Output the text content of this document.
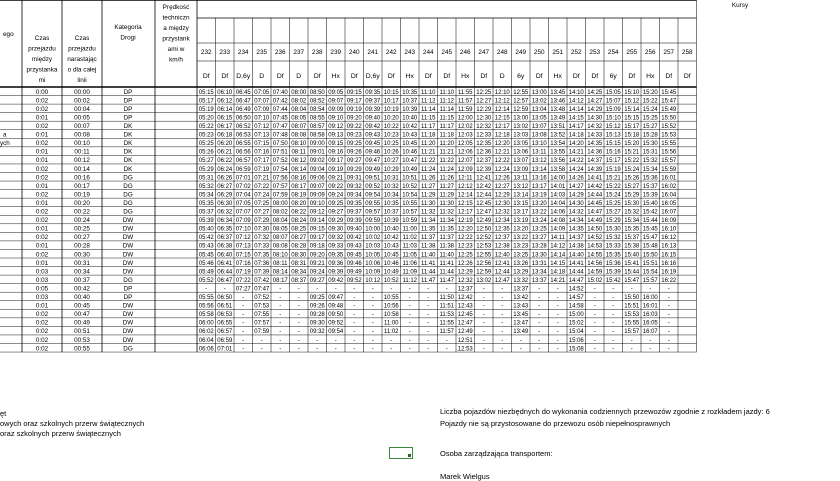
ego
Czas
przejazdu
między
przystanka
mi
Czas
przejazdu
narastając
o dla całej
linii
Kategoria
Drogi
Prędkość
techniczn
a między
przystank
ami w
km/h
Kursy
232 233 234 235 236 237 238 239 240 241 242 243 244 245 246 247 248 249 250 251 252 253 254 255 256 257 258
Df Df D,6y D Df D Df Hx Df D,6y Df Hx Df Df Hx Df D 6y Df Hx Df Df 6y Df Hx Df Df
0:00	00:00	DP	05:15 06:10 06:45 07:05 07:40 08:00 08:50 09:05 09:15 09:35 10:15 10:35 11:10 11:10 11:55 12:25 12:10 12:55 13:00 13:45 14:10 14:25 15:05 15:10 15:20 15:45
0:02	00:02	DP	05:17 06:12 06:47 07:07 07:42 08:02 08:52 09:07 09:17 09:37 10:17 10:37 11:12 11:12 11:57 12:27 12:12 12:57 13:02 13:46 14:12 14:27 15:07 15:12 15:22 15:47
0:02	00:04	DP	05:19 06:14 06:49 07:09 07:44 08:04 08:54 09:09 09:19 09:39 10:19 10:39 11:14 11:14 11:59 12:29 12:14 12:59 13:04 13:48 14:14 14:29 15:09 15:14 15:24 15:49
0:01	00:05	DP	05:20 06:15 06:50 07:10 07:45 08:05 08:55 09:10 09:20 09:40 10:20 10:40 11:15 11:15 12:00 12:30 12:15 13:00 13:05 13:49 14:15 14:30 15:10 15:15 15:25 15:50
0:02	00:07	DK	05:22 06:17 06:52 07:12 07:47 08:07 08:57 09:12 09:22 09:42 10:22 10:42 11:17 11:17 12:02 12:32 12:17 13:02 13:07 13:51 14:17 14:32 15:12 15:17 15:27 15:52
0:01	00:08	DK	05:23 06:18 06:53 07:13 07:48 08:08 08:58 09:13 09:23 09:43 10:23 10:43 11:18 11:18 12:03 12:33 12:18 13:03 13:08 13:52 14:18 14:33 15:13 15:18 15:28 15:53
0:02	00:10	DK	05:25 06:20 06:55 07:15 07:50 08:10 09:00 09:15 09:25 09:45 10:25 10:45 11:20 11:20 12:05 12:35 12:20 13:05 13:10 13:54 14:20 14:35 15:15 15:20 15:30 15:55
0:01	00:11	DK	05:26 06:21 06:56 07:16 07:51 08:11 09:01 09:16 09:26 09:46 10:26 10:46 11:21 11:21 12:06 12:36 12:21 13:06 13:11 13:55 14:21 14:36 15:16 15:21 15:31 15:56
0:01	00:12	DK	05:27 06:22 06:57 07:17 07:52 08:12 09:02 09:17 09:27 09:47 10:27 10:47 11:22 11:22 12:07 12:37 12:22 13:07 13:12 13:56 14:22 14:37 15:17 15:22 15:32 15:57
0:02	00:14	DK	05:29 06:24 06:59 07:19 07:54 08:14 09:04 09:19 09:29 09:49 10:29 10:49 11:24 11:24 12:09 12:39 12:24 13:09 13:14 13:58 14:24 14:39 15:19 15:24 15:34 15:59
0:02	00:16	DG	05:31 06:26 07:01 07:21 07:56 08:16 09:06 09:21 09:31 09:51 10:31 10:51 11:26 11:26 12:11 12:41 12:26 13:11 13:16 14:00 14:26 14:41 15:21 15:26 15:36 16:01
0:01	00:17	DG	05:32 06:27 07:02 07:22 07:57 08:17 09:07 09:22 09:32 09:52 10:32 10:52 11:27 11:27 12:12 12:42 12:27 13:12 13:17 14:01 14:27 14:42 15:22 15:27 15:37 16:02
0:02	00:19	DG	05:34 06:29 07:04 07:24 07:59 08:19 09:09 09:24 09:34 09:54 10:34 10:54 11:29 11:29 12:14 12:44 12:29 13:14 13:19 14:03 14:29 14:44 15:24 15:29 15:39 16:04
0:01	00:20	DG	05:35 06:30 07:05 07:25 08:00 08:20 09:10 09:25 09:35 09:55 10:35 10:55 11:30 11:30 12:15 12:45 12:30 13:15 13:20 14:04 14:30 14:45 15:25 15:30 15:40 16:05
0:02	00:22	DG	05:37 06:32 07:07 07:27 08:02 08:22 09:12 09:27 09:37 09:57 10:37 10:57 11:32 11:32 12:17 12:47 12:32 13:17 13:22 14:06 14:32 14:47 15:27 15:32 15:42 16:07
0:02	00:24	DW	05:39 06:34 07:09 07:29 08:04 08:24 09:14 09:29 09:39 09:59 10:39 10:59 11:34 11:34 12:19 12:49 12:34 13:19 13:24 14:08 14:34 14:49 15:29 15:34 15:44 16:09
0:01	00:25	DW	05:40 06:35 07:10 07:30 08:05 08:25 09:15 09:30 09:40 10:00 10:40 11:00 11:35 11:35 12:20 12:50 12:35 13:20 13:25 14:09 14:35 14:50 15:30 15:35 15:45 16:10
0:02	00:27	DW	05:42 06:37 07:12 07:32 08:07 08:27 09:17 09:32 09:42 10:02 10:42 11:02 11:37 11:37 12:22 12:52 12:37 13:22 13:27 14:11 14:37 14:52 15:32 15:37 15:47 16:12
0:01	00:28	DW	05:43 06:38 07:13 07:33 08:08 08:28 09:18 09:33 09:43 10:03 10:43 11:03 11:38 11:38 12:23 12:53 12:38 13:23 13:28 14:12 14:38 14:53 15:33 15:38 15:48 16:13
0:02	00:30	DW	05:45 06:40 07:15 07:35 08:10 08:30 09:20 09:35 09:45 10:05 10:45 11:05 11:40 11:40 12:25 12:55 12:40 13:25 13:30 14:14 14:40 14:55 15:35 15:40 15:50 16:15
0:01	00:31	DW	05:46 06:41 07:16 07:36 08:11 08:31 09:21 09:36 09:46 10:06 10:46 11:06 11:41 11:41 12:26 12:56 12:41 13:26 13:31 14:15 14:41 14:56 15:36 15:41 15:51 16:16
0:03	00:34	DW	05:49 06:44 07:19 07:39 08:14 08:34 09:24 09:39 09:49 10:09 10:49 11:09 11:44 11:44 12:29 12:59 12:44 13:29 13:34 14:18 14:44 14:59 15:39 15:44 15:54 16:19
0:03	00:37	DG	05:52 06:47 07:22 07:42 08:17 08:37 09:27 09:42 09:52 10:12 10:52 11:12 11:47 11:47 12:32 13:02 12:47 13:32 13:37 14:21 14:47 15:02 15:42 15:47 15:57 16:22
0:05	00:42	DP	-	- 07:27 07:47 -	-	-	-	-	-	-	-	-	- 12:37 -	- 13:37 -	- 14:52 -	-	-	-	-
0:03	00:40	DP	05:55 06:50 - 07:52 -	- 09:25 09:47 -	- 10:55 -	- 11:50 12:42 -	- 13:42 -	- 14:57 -	- 15:50 16:00 -
0:01	00:45	DW	05:56 06:51 - 07:53 -	- 09:26 09:48 -	- 10:56 -	- 11:51 12:43 -	- 13:43 -	- 14:58 -	- 15:51 16:01 -
0:02	00:47	DW	05:58 06:53 - 07:55 -	- 09:28 09:50 -	- 10:58 -	- 11:53 12:45 -	- 13:45 -	- 15:00 -	- 15:53 16:03 -
0:02	00:49	DW	06:00 06:55 - 07:57 -	- 09:30 09:52 -	- 11:00 -	- 11:55 12:47 -	- 13:47 -	- 15:02 -	- 15:55 16:05 -
0:02	00:51	DW	06:02 06:57 - 07:59 -	- 09:32 09:54 -	- 11:02 -	- 11:57 12:49 -	- 13:49 -	- 15:04 -	- 15:57 16:07 -
0:02	00:53	DW	06:04 06:59 -	-	-	-	-	-	-	-	-	-	-	- 12:51 -	-	-	-	- 15:06 -	-	-	-	-
0:02	00:55	DG	06:06 07:01 -	-	-	-	-	-	-	-	-	-	-	- 12:53 -	-	-	-	- 15:08 -	-	-	-	-
a
ych
ęt
owych oraz szkolnych przerw świątecznych
oraz szkolnych przerw świątecznych
Liczba pojazdów niezbędnych do wykonania codziennych przewozów zgodnie z rozkładem jazdy: 6
Pojazdy nie są przystosowane do przewozu osób niepełnosprawnych
Osoba zarządzająca transportem:
Marek Wielgus
